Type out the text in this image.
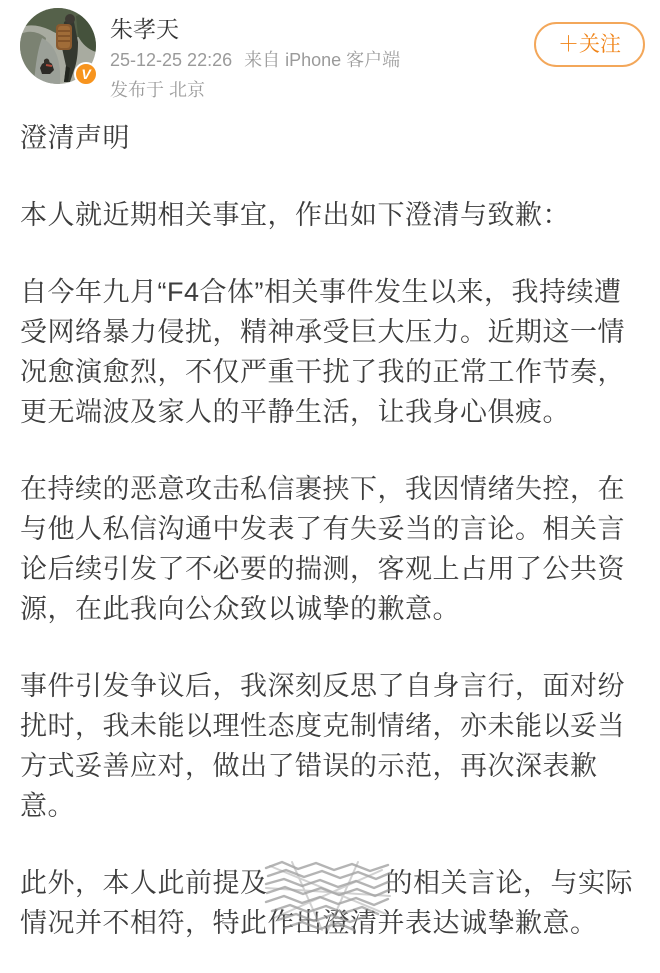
V
朱孝天
25-12-25 22:26 来自 iPhone 客户端
发布于 北京
＋关注

澄清声明

本人就近期相关事宜，作出如下澄清与致歉：

自今年九月“F4合体”相关事件发生以来，我持续遭受网络暴力侵扰，精神承受巨大压力。近期这一情况愈演愈烈，不仅严重干扰了我的正常工作节奏，更无端波及家人的平静生活，让我身心俱疲。

在持续的恶意攻击私信裹挟下，我因情绪失控，在与他人私信沟通中发表了有失妥当的言论。相关言论后续引发了不必要的揣测，客观上占用了公共资源，在此我向公众致以诚挚的歉意。

事件引发争议后，我深刻反思了自身言行，面对纷扰时，我未能以理性态度克制情绪，亦未能以妥当方式妥善应对，做出了错误的示范，再次深表歉意。

此外，本人此前提及	的相关言论，与实际情况并不相符，特此作出澄清并表达诚挚歉意。
